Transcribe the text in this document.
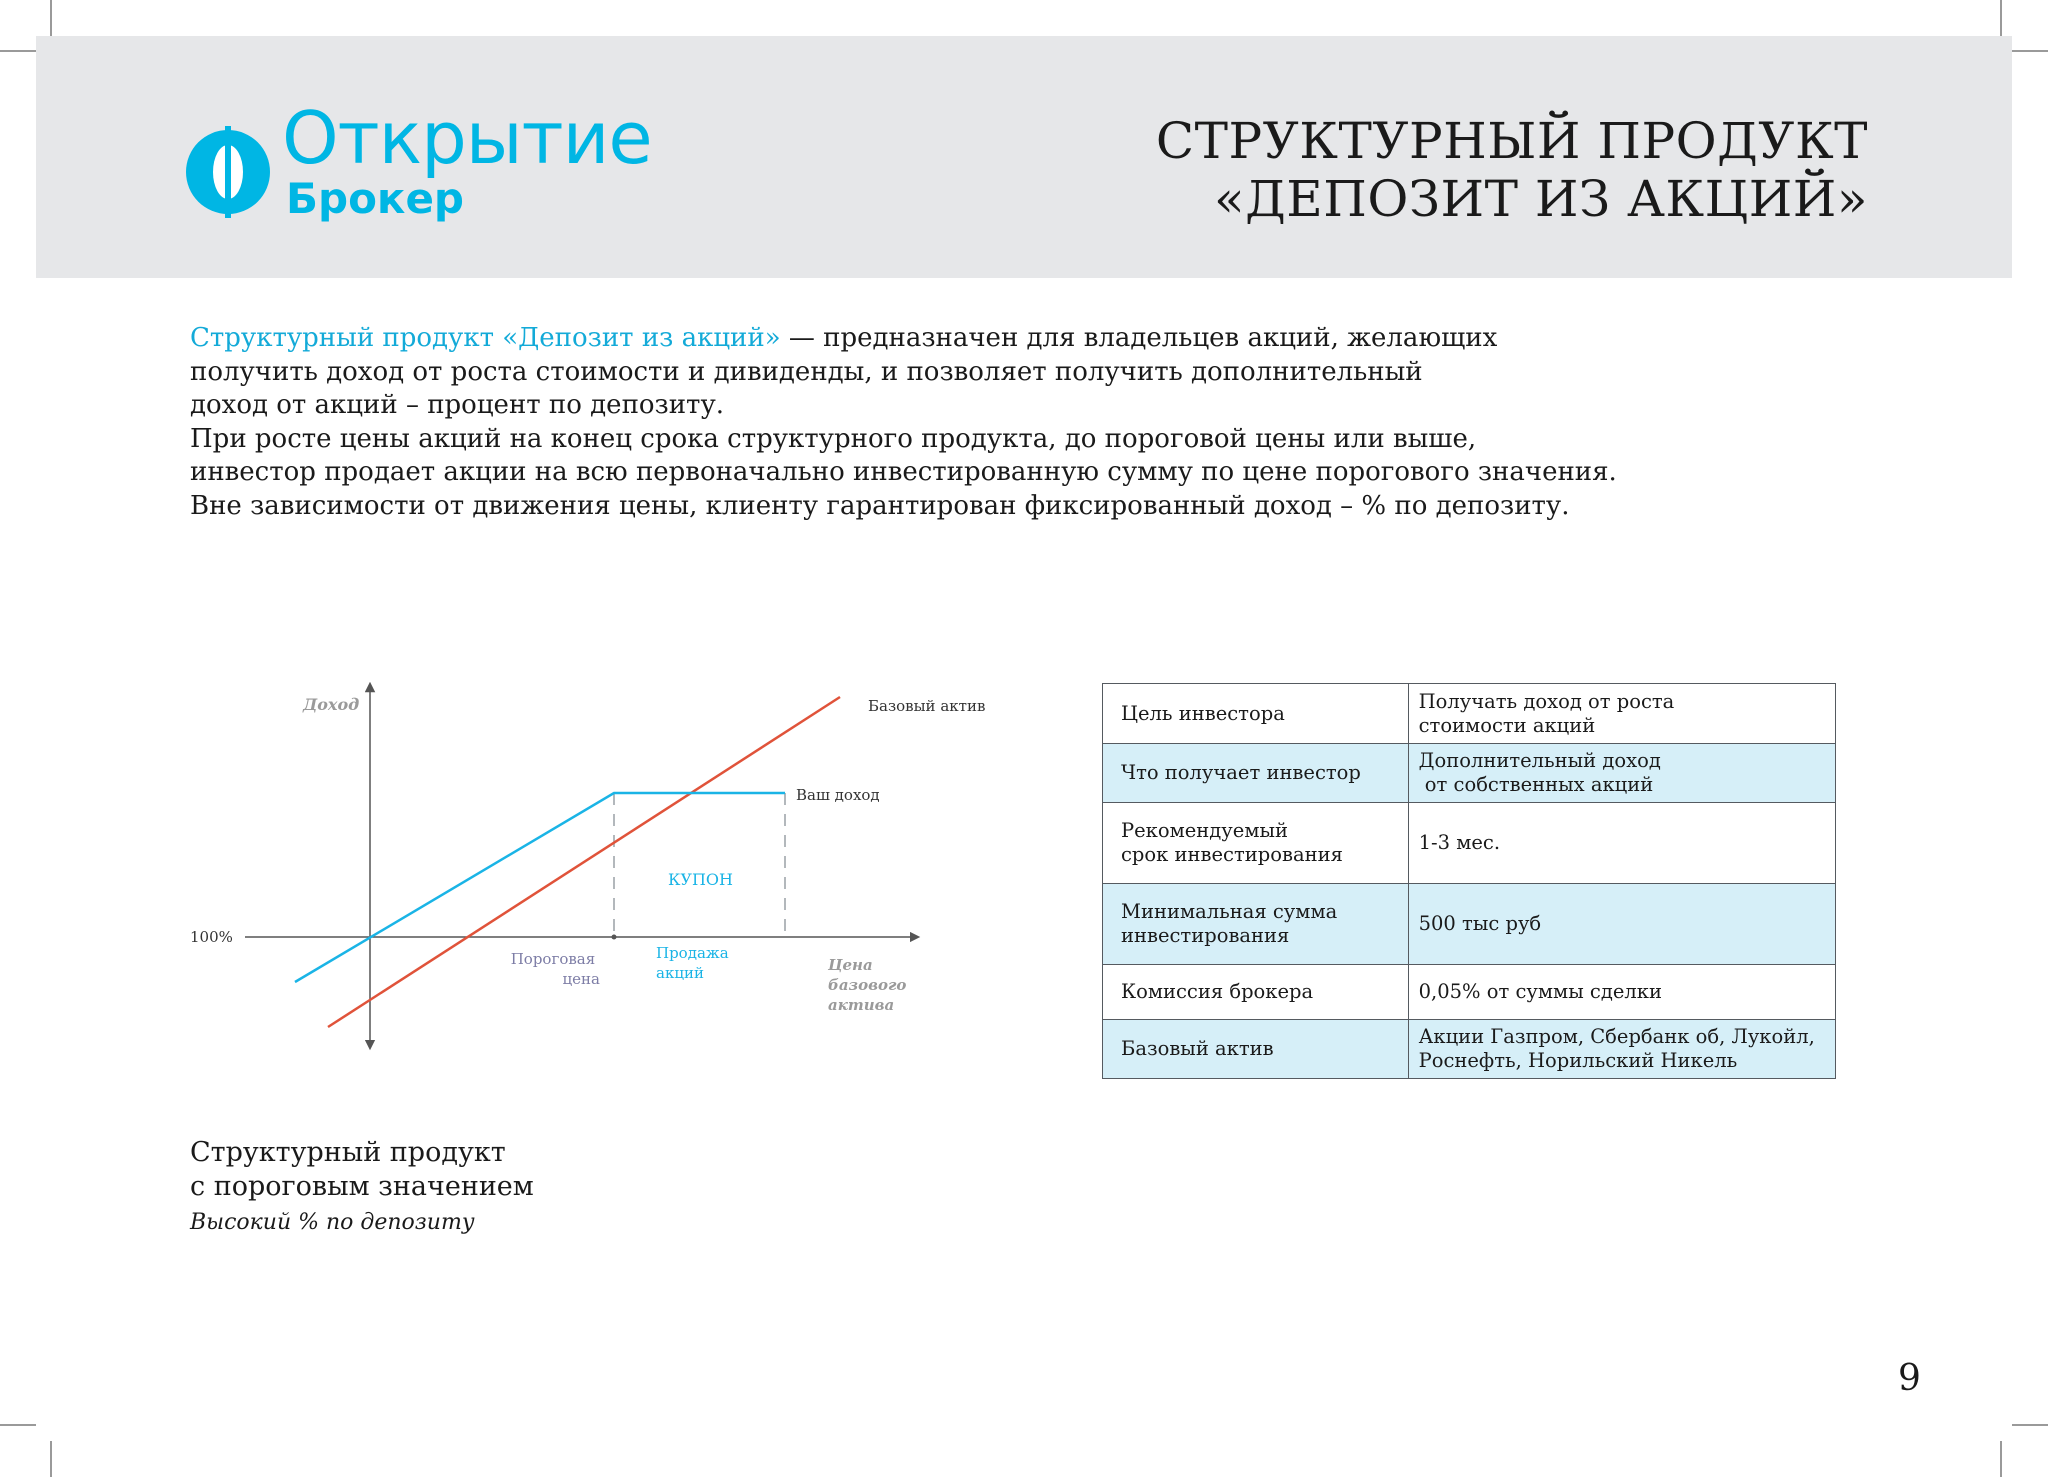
Открытие
Брокер
СТРУКТУРНЫЙ ПРОДУКТ
«ДЕПОЗИТ ИЗ АКЦИЙ»

Структурный продукт «Депозит из акций» — предназначен для владельцев акций, желающих

получить доход от роста стоимости и дивиденды, и позволяет получить дополнительный

доход от акций – процент по депозиту.

При росте цены акций на конец срока структурного продукта, до пороговой цены или выше,

инвестор продает акции на всю первоначально инвестированную сумму по цене порогового значения.

Вне зависимости от движения цены, клиенту гарантирован фиксированный доход – % по депозиту.

Доход
100%
Базовый актив
Ваш доход
КУПОН
Пороговая цена
Продажа акций	Цена базового актива
Цель инвестора	Получать доход от роста
стоимости акций
Что получает инвестор	Дополнительный доход
от собственных акций
Рекомендуемый
срок инвестирования	1-3 мес.
Минимальная сумма
инвестирования	500 тыс руб
Комиссия брокера	0,05% от суммы сделки
Базовый актив	Акции Газпром, Сбербанк об, Лукойл,
Роснефть, Норильский Никель
Структурный продукт
с пороговым значением
Высокий % по депозиту
9
